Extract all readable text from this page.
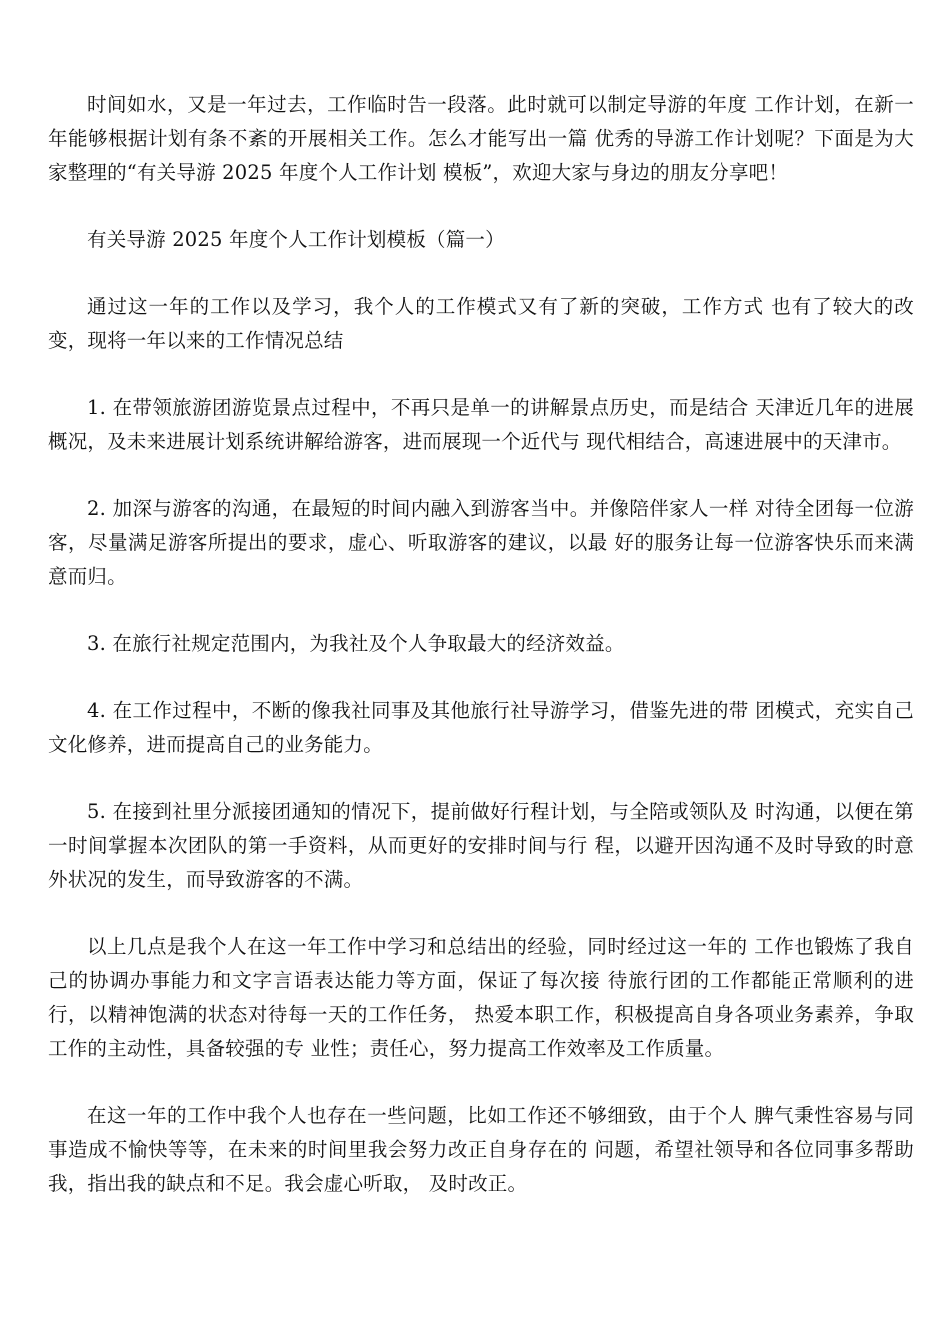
时间如水，又是一年过去，工作临时告一段落。此时就可以制定导游的年度 工作计划，在新一年能够根据计划有条不紊的开展相关工作。怎么才能写出一篇 优秀的导游工作计划呢？下面是为大家整理的“有关导游 2025 年度个人工作计划 模板”，欢迎大家与身边的朋友分享吧！

有关导游 2025 年度个人工作计划模板（篇一）

通过这一年的工作以及学习，我个人的工作模式又有了新的突破，工作方式 也有了较大的改变，现将一年以来的工作情况总结

1. 在带领旅游团游览景点过程中，不再只是单一的讲解景点历史，而是结合 天津近几年的进展概况，及未来进展计划系统讲解给游客，进而展现一个近代与 现代相结合，高速进展中的天津市。

2. 加深与游客的沟通，在最短的时间内融入到游客当中。并像陪伴家人一样 对待全团每一位游客，尽量满足游客所提出的要求，虚心、听取游客的建议，以最 好的服务让每一位游客快乐而来满意而归。

3. 在旅行社规定范围内，为我社及个人争取最大的经济效益。

4. 在工作过程中，不断的像我社同事及其他旅行社导游学习，借鉴先进的带 团模式，充实自己文化修养，进而提高自己的业务能力。

5. 在接到社里分派接团通知的情况下，提前做好行程计划，与全陪或领队及 时沟通，以便在第一时间掌握本次团队的第一手资料，从而更好的安排时间与行 程，以避开因沟通不及时导致的时意外状况的发生，而导致游客的不满。

以上几点是我个人在这一年工作中学习和总结出的经验，同时经过这一年的 工作也锻炼了我自己的协调办事能力和文字言语表达能力等方面，保证了每次接 待旅行团的工作都能正常顺利的进行，以精神饱满的状态对待每一天的工作任务， 热爱本职工作，积极提高自身各项业务素养，争取工作的主动性，具备较强的专 业性；责任心，努力提高工作效率及工作质量。

在这一年的工作中我个人也存在一些问题，比如工作还不够细致，由于个人 脾气秉性容易与同事造成不愉快等等，在未来的时间里我会努力改正自身存在的 问题，希望社领导和各位同事多帮助我，指出我的缺点和不足。我会虚心听取， 及时改正。
